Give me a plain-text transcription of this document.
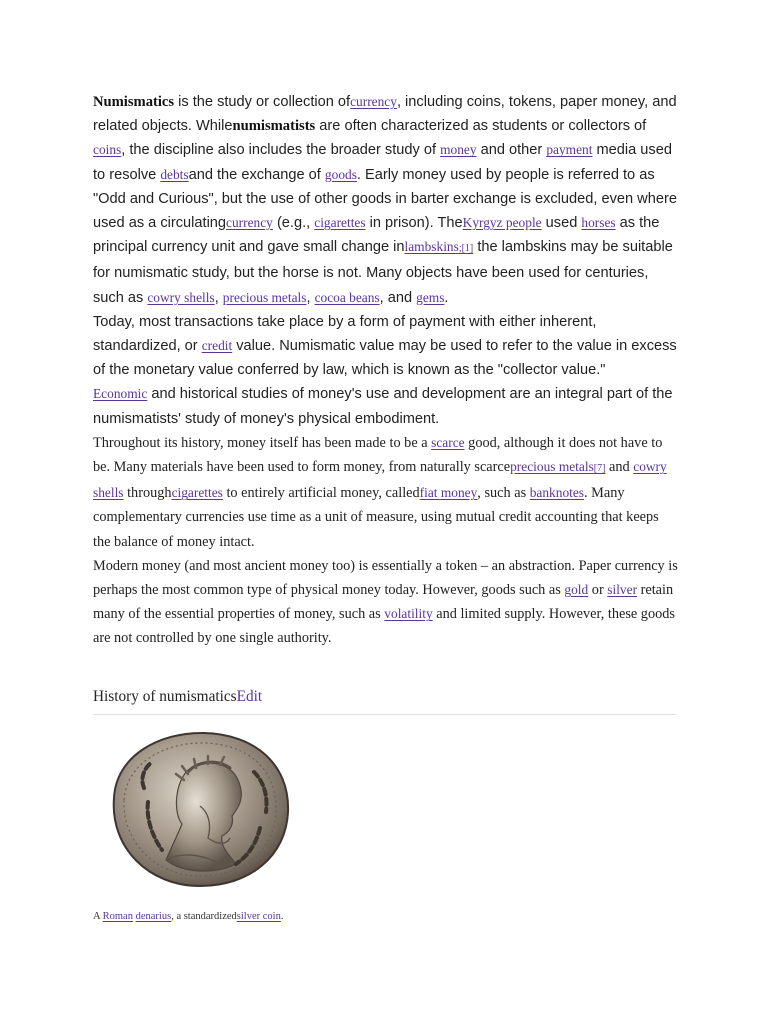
Numismatics is the study or collection ofcurrency, including coins, tokens, paper money, and related objects. Whilenumismatists are often characterized as students or collectors of coins, the discipline also includes the broader study of money and other payment media used to resolve debtsand the exchange of goods. Early money used by people is referred to as "Odd and Curious", but the use of other goods in barter exchange is excluded, even where used as a circulatingcurrency (e.g., cigarettes in prison). TheKyrgyz people used horses as the principal currency unit and gave small change inlambskins;[1] the lambskins may be suitable for numismatic study, but the horse is not. Many objects have been used for centuries, such as cowry shells, precious metals, cocoa beans, and gems.

Today, most transactions take place by a form of payment with either inherent, standardized, or credit value. Numismatic value may be used to refer to the value in excess of the monetary value conferred by law, which is known as the "collector value."

Economic and historical studies of money's use and development are an integral part of the numismatists' study of money's physical embodiment.

Throughout its history, money itself has been made to be a scarce good, although it does not have to be. Many materials have been used to form money, from naturally scarceprecious metals[7] and cowry shells throughcigarettes to entirely artificial money, calledfiat money, such as banknotes. Many complementary currencies use time as a unit of measure, using mutual credit accounting that keeps the balance of money intact.

Modern money (and most ancient money too) is essentially a token – an abstraction. Paper currency is perhaps the most common type of physical money today. However, goods such as gold or silver retain many of the essential properties of money, such as volatility and limited supply. However, these goods are not controlled by one single authority.

History of numismaticsEdit
A Roman denarius, a standardizedsilver coin.
